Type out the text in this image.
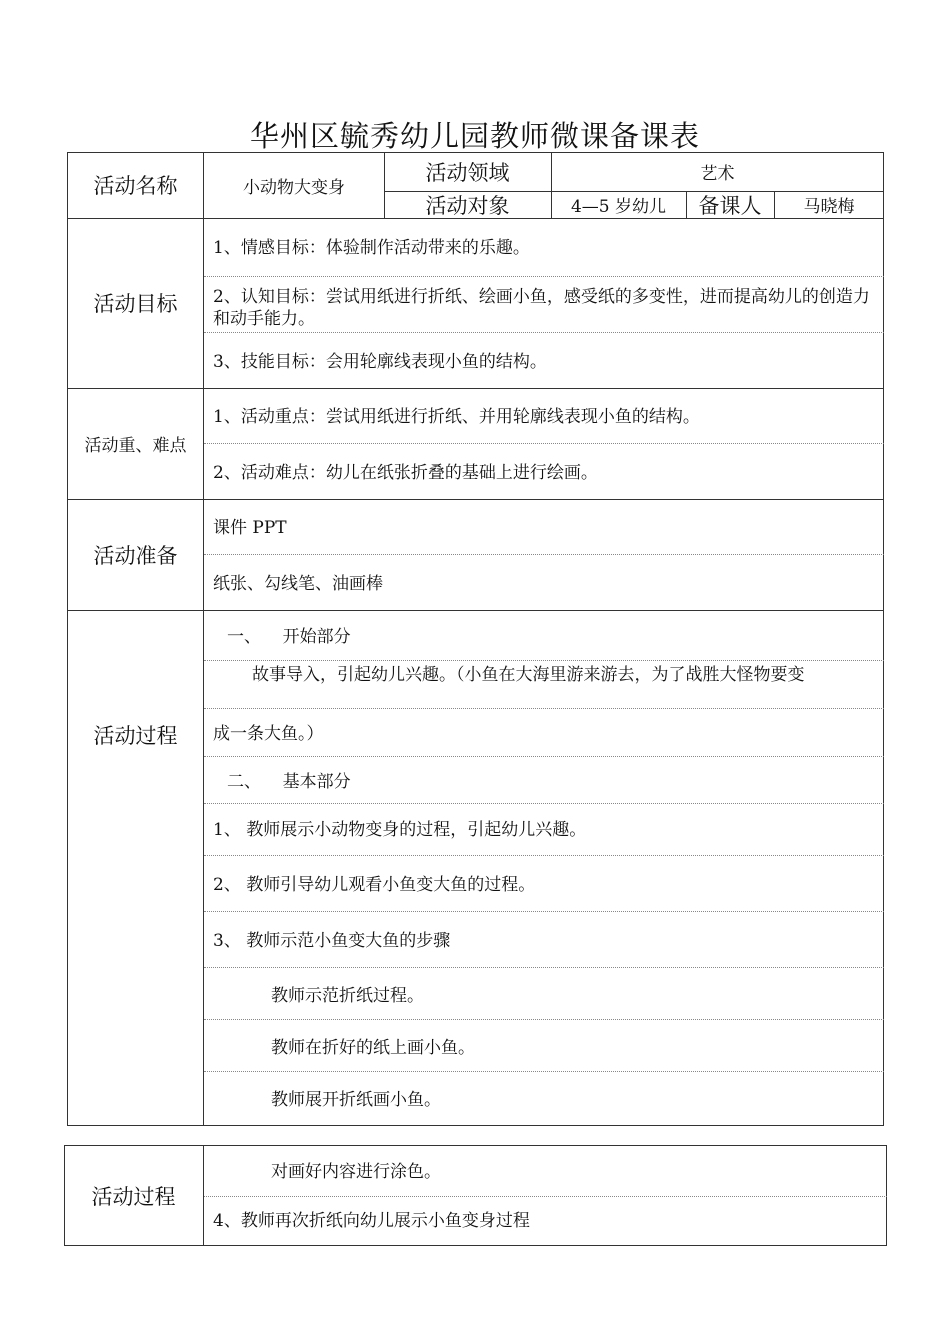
华州区毓秀幼儿园教师微课备课表
活动名称	小动物大变身
活动领域	艺术
活动对象	4—5 岁幼儿	备课人	马晓梅
活动目标
1、情感目标：体验制作活动带来的乐趣。
2、认知目标：尝试用纸进行折纸、绘画小鱼，感受纸的多变性，进而提高幼儿的创造力和动手能力。
3、技能目标：会用轮廓线表现小鱼的结构。
活动重、难点
1、活动重点：尝试用纸进行折纸、并用轮廓线表现小鱼的结构。
2、活动难点：幼儿在纸张折叠的基础上进行绘画。
活动准备
课件 PPT
纸张、勾线笔、油画棒
活动过程
一、    开始部分
故事导入，引起幼儿兴趣。（小鱼在大海里游来游去，为了战胜大怪物要变
成一条大鱼。）
二、    基本部分
1、 教师展示小动物变身的过程，引起幼儿兴趣。
2、 教师引导幼儿观看小鱼变大鱼的过程。
3、 教师示范小鱼变大鱼的步骤
教师示范折纸过程。
教师在折好的纸上画小鱼。
教师展开折纸画小鱼。
活动过程
对画好内容进行涂色。
4、教师再次折纸向幼儿展示小鱼变身过程
